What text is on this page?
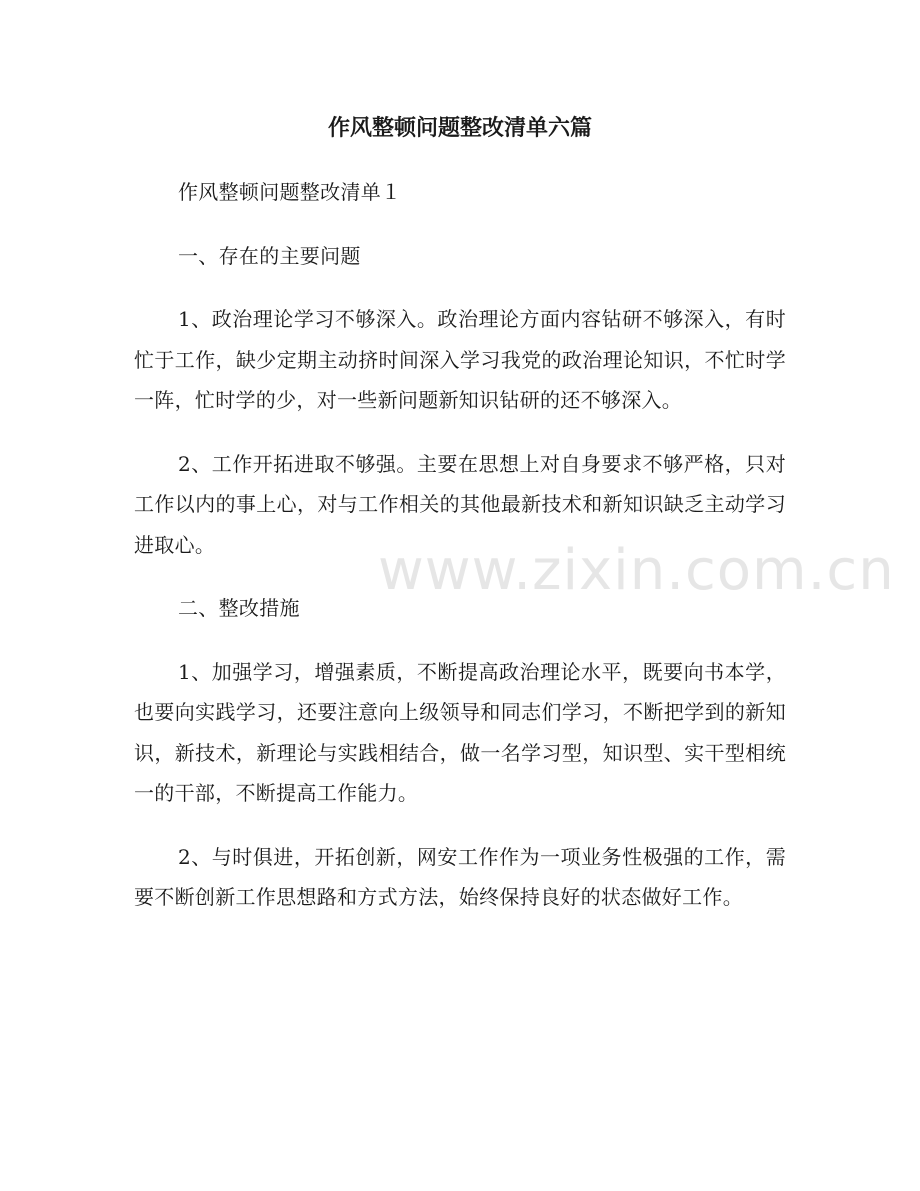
www.zixin.com.cn
作风整顿问题整改清单六篇

作风整顿问题整改清单１

一、存在的主要问题

1、政治理论学习不够深入。政治理论方面内容钻研不够深入，有时忙于工作，缺少定期主动挤时间深入学习我党的政治理论知识，不忙时学一阵，忙时学的少，对一些新问题新知识钻研的还不够深入。

2、工作开拓进取不够强。主要在思想上对自身要求不够严格，只对工作以内的事上心，对与工作相关的其他最新技术和新知识缺乏主动学习进取心。

二、整改措施

1、加强学习，增强素质，不断提高政治理论水平，既要向书本学，也要向实践学习，还要注意向上级领导和同志们学习，不断把学到的新知识，新技术，新理论与实践相结合，做一名学习型，知识型、实干型相统一的干部，不断提高工作能力。

2、与时俱进，开拓创新，网安工作作为一项业务性极强的工作，需要不断创新工作思想路和方式方法，始终保持良好的状态做好工作。
